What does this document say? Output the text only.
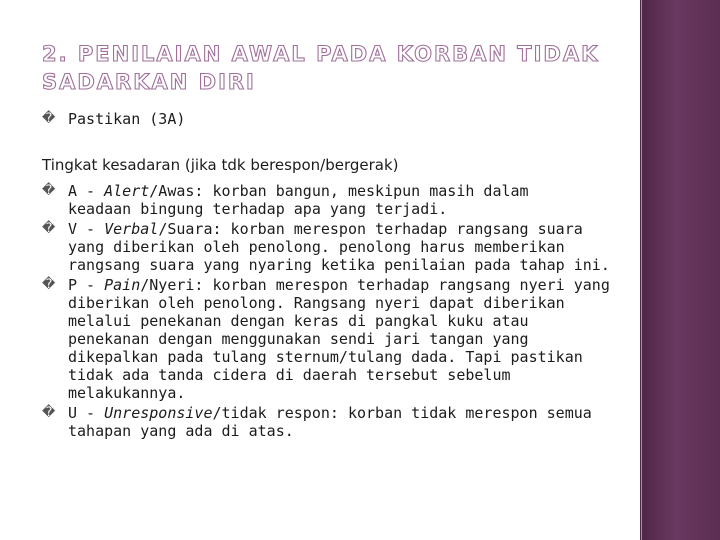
2. PENILAIAN AWAL PADA KORBAN TIDAK SADARKAN DIRI
� Pastikan (3A)
Tingkat kesadaran (jika tdk berespon/bergerak)
� A - Alert/Awas: korban bangun, meskipun masih dalam
keadaan bingung terhadap apa yang terjadi.
� V - Verbal/Suara: korban merespon terhadap rangsang suara
yang diberikan oleh penolong. penolong harus memberikan
rangsang suara yang nyaring ketika penilaian pada tahap ini.
� P - Pain/Nyeri: korban merespon terhadap rangsang nyeri yang
diberikan oleh penolong. Rangsang nyeri dapat diberikan
melalui penekanan dengan keras di pangkal kuku atau
penekanan dengan menggunakan sendi jari tangan yang
dikepalkan pada tulang sternum/tulang dada. Tapi pastikan
tidak ada tanda cidera di daerah tersebut sebelum
melakukannya.
� U - Unresponsive/tidak respon: korban tidak merespon semua
tahapan yang ada di atas.
